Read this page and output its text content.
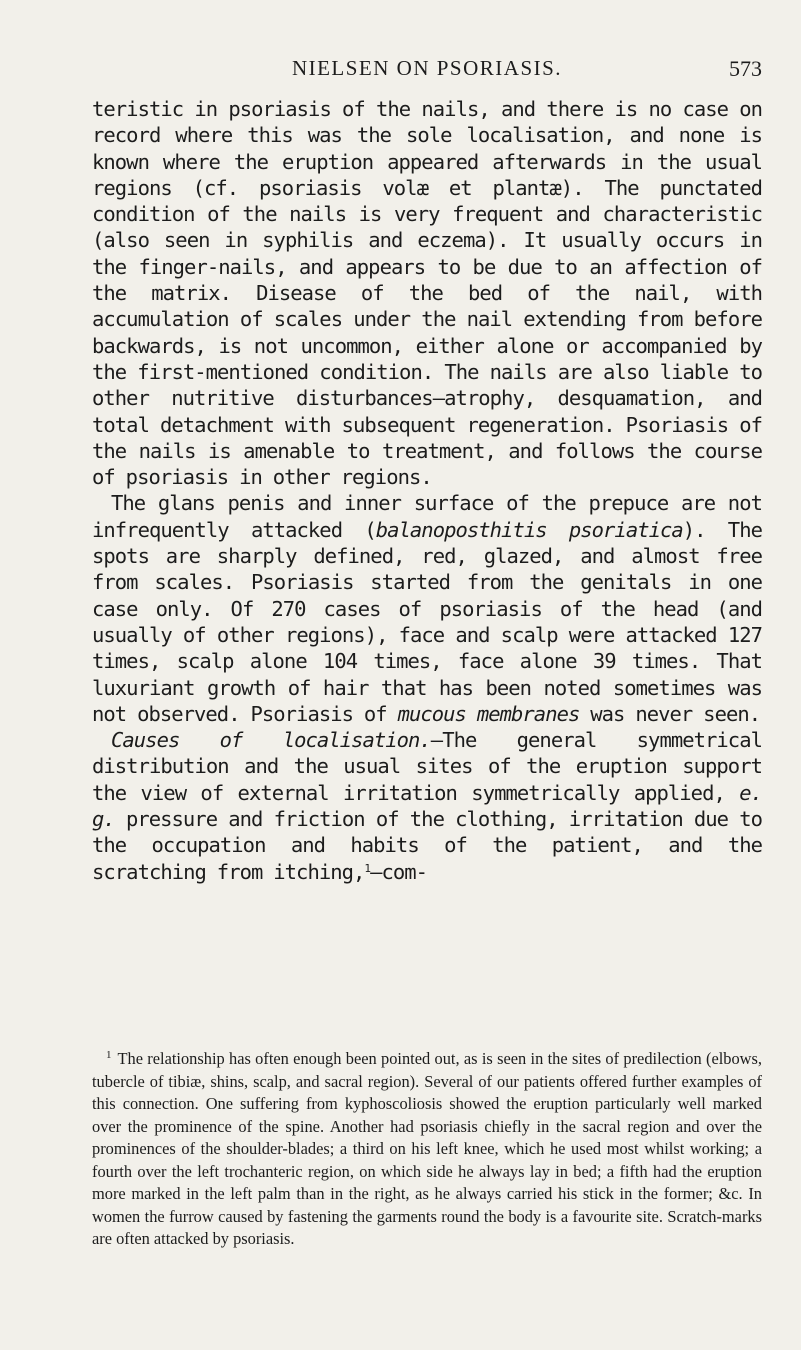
NIELSEN ON PSORIASIS.	573

teristic in psoriasis of the nails, and there is no case on record where this was the sole localisation, and none is known where the eruption appeared afterwards in the usual regions (cf. psoriasis volæ et plantæ). The punctated condition of the nails is very frequent and characteristic (also seen in syphilis and eczema). It usually occurs in the finger-nails, and appears to be due to an affection of the matrix. Disease of the bed of the nail, with accumulation of scales under the nail extending from before backwards, is not uncommon, either alone or accompanied by the first-mentioned condition. The nails are also liable to other nutritive disturbances—atrophy, desquamation, and total detachment with subsequent regeneration. Psoriasis of the nails is amenable to treatment, and follows the course of psoriasis in other regions.

The glans penis and inner surface of the prepuce are not infrequently attacked (balanoposthitis psoriatica). The spots are sharply defined, red, glazed, and almost free from scales. Psoriasis started from the genitals in one case only. Of 270 cases of psoriasis of the head (and usually of other regions), face and scalp were attacked 127 times, scalp alone 104 times, face alone 39 times. That luxuriant growth of hair that has been noted sometimes was not observed. Psoriasis of mucous membranes was never seen.

Causes of localisation.—The general symmetrical distribution and the usual sites of the eruption support the view of external irritation symmetrically applied, e. g. pressure and friction of the clothing, irritation due to the occupation and habits of the patient, and the scratching from itching,$^1$—com-

$^1$ The relationship has often enough been pointed out, as is seen in the sites of predilection (elbows, tubercle of tibiæ, shins, scalp, and sacral region). Several of our patients offered further examples of this connection. One suffering from kyphoscoliosis showed the eruption particularly well marked over the prominence of the spine. Another had psoriasis chiefly in the sacral region and over the prominences of the shoulder-blades; a third on his left knee, which he used most whilst working; a fourth over the left trochanteric region, on which side he always lay in bed; a fifth had the eruption more marked in the left palm than in the right, as he always carried his stick in the former; &c. In women the furrow caused by fastening the garments round the body is a favourite site. Scratch-marks are often attacked by psoriasis.
